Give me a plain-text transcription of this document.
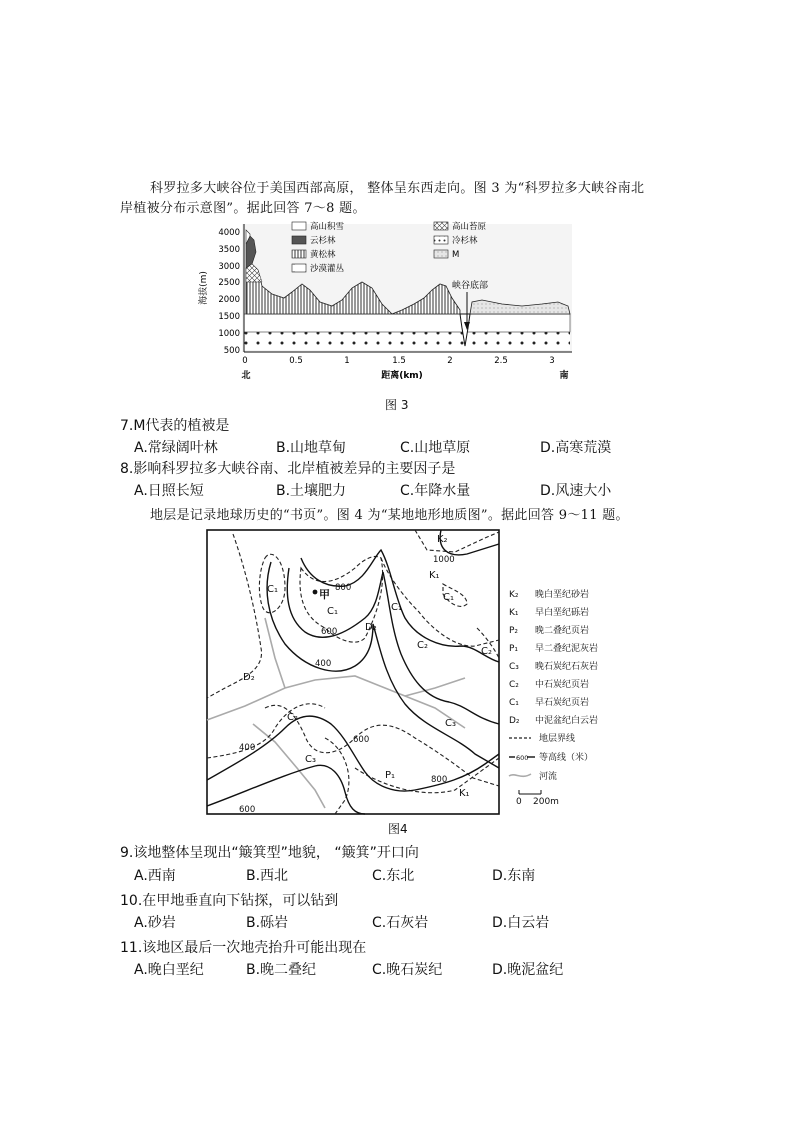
科罗拉多大峡谷位于美国西部高原， 整体呈东西走向。图 3 为“科罗拉多大峡谷南北
岸植被分布示意图”。据此回答 7～8 题。
4000
3500
3000
2500
2000
1500
1000
500
海拔(m)
0	0.5	1	1.5	2	2.5	3
北	距离(km)	南
峡谷底部
高山积雪
云杉林
黄松林
沙漠灌丛
高山苔原
冷杉林
M
图 3
7.M代表的植被是
A.常绿阔叶林	B.山地草甸	C.山地草原	D.高寒荒漠
8.影响科罗拉多大峡谷南、北岸植被差异的主要因子是
A.日照长短	B.土壤肥力	C.年降水量	D.风速大小
地层是记录地球历史的“书页”。图 4 为“某地地形地质图”。据此回答 9～11 题。
K₂
K₁
C₁
C₁	C₁
C₁
D₂
D₂
C₂
C₂
C₂
C₃
C₃
P₁
K₁
甲
1000
800
800
600
600
600
400
400
K₂ 晚白垩纪砂岩
K₁ 早白垩纪砾岩
P₂ 晚二叠纪页岩
P₁ 早二叠纪泥灰岩
C₃ 晚石炭纪石灰岩
C₂ 中石炭纪页岩
C₁ 早石炭纪页岩
D₂ 中泥盆纪白云岩
地层界线
600 等高线（米）
河流
0 200m
图4
9.该地整体呈现出“簸箕型”地貌， “簸箕”开口向
A.西南	B.西北	C.东北	D.东南
10.在甲地垂直向下钻探，可以钻到
A.砂岩	B.砾岩	C.石灰岩	D.白云岩
11.该地区最后一次地壳抬升可能出现在
A.晚白垩纪	B.晚二叠纪	C.晚石炭纪	D.晚泥盆纪
